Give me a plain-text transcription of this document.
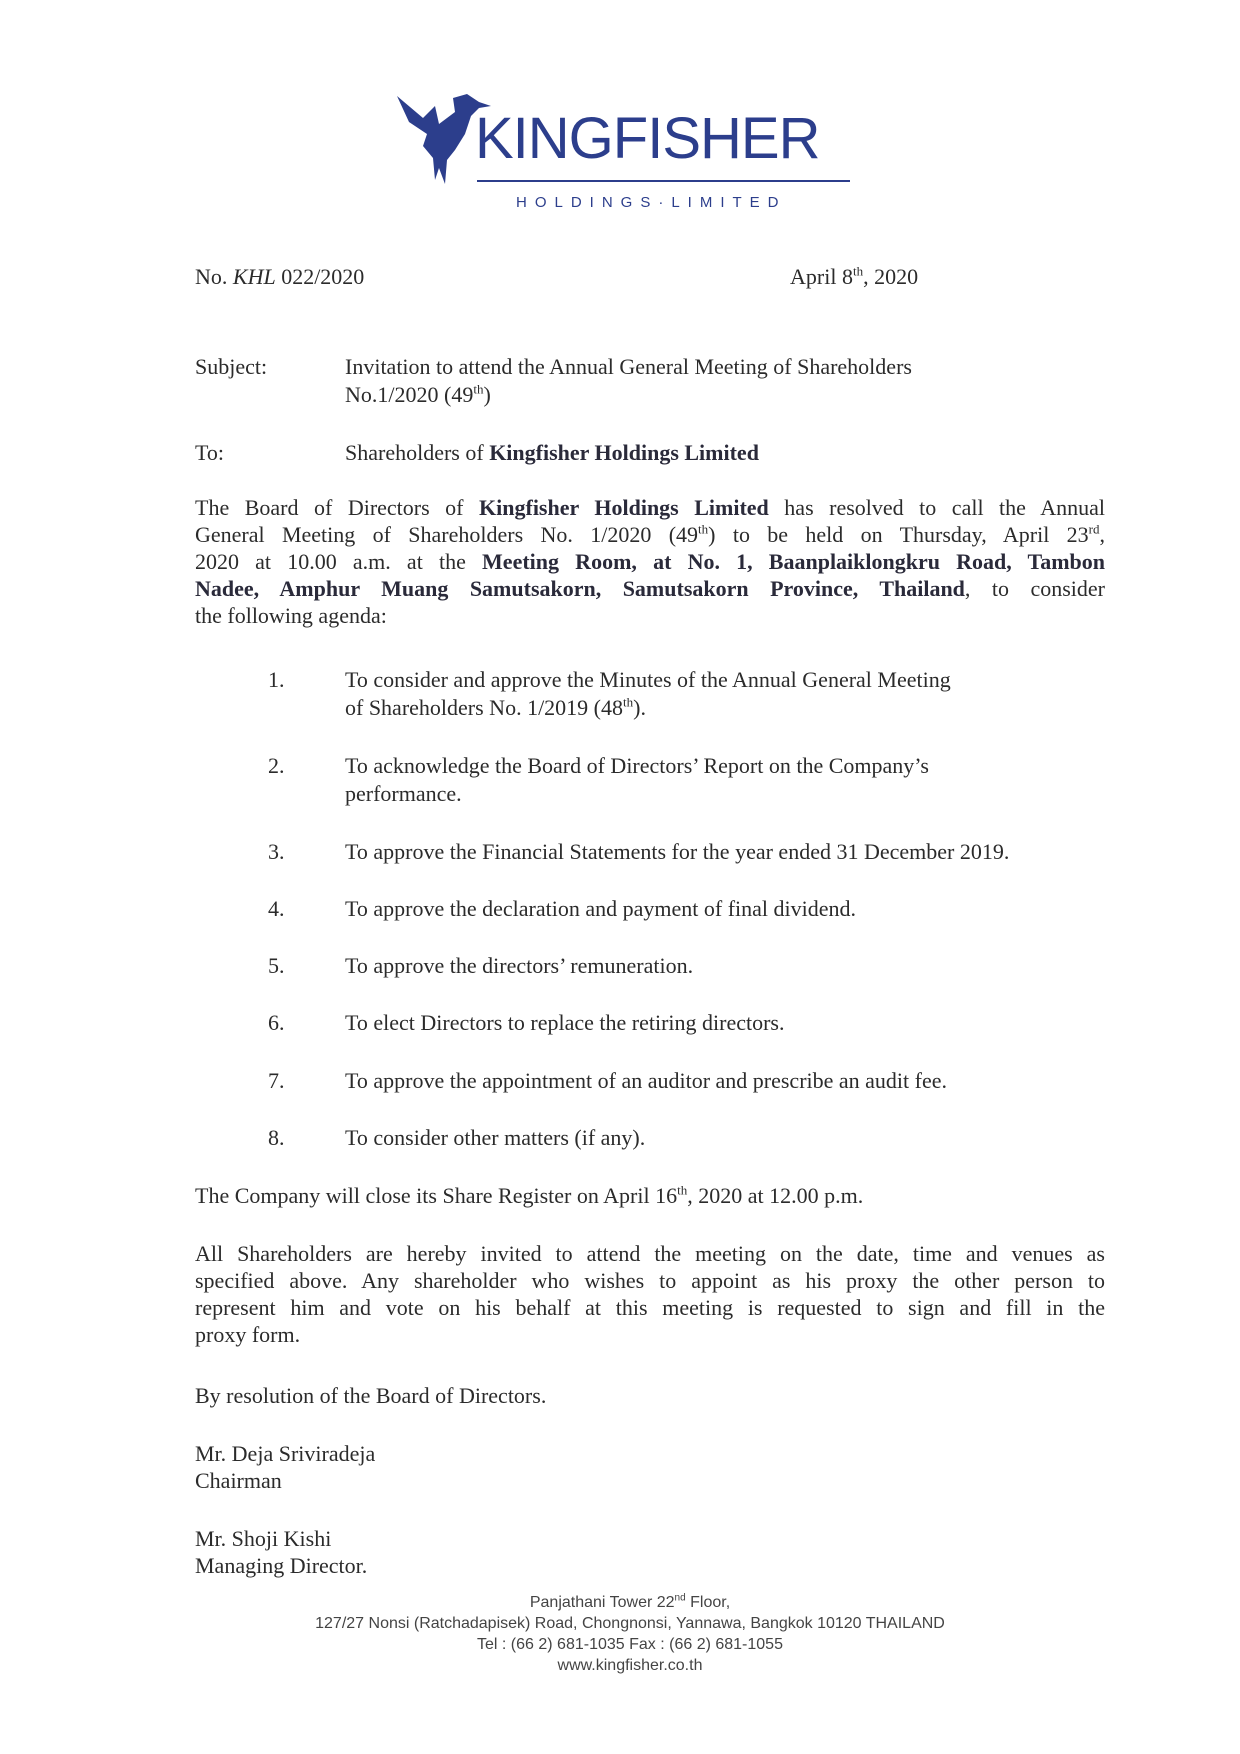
KINGFISHER
HOLDINGS·LIMITED
No. KHL 022/2020	April 8th, 2020
Subject:	Invitation to attend the Annual General Meeting of Shareholders
No.1/2020 (49th)
To:	Shareholders of Kingfisher Holdings Limited
The Board of Directors of Kingfisher Holdings Limited has resolved to call the Annual
General Meeting of Shareholders No. 1/2020 (49th) to be held on Thursday, April 23rd,
2020 at 10.00 a.m. at the Meeting Room, at No. 1, Baanplaiklongkru Road, Tambon
Nadee, Amphur Muang Samutsakorn, Samutsakorn Province, Thailand, to consider
the following agenda:
1.	To consider and approve the Minutes of the Annual General Meeting
of Shareholders No. 1/2019 (48th).
2.	To acknowledge the Board of Directors’ Report on the Company’s
performance.
3.	To approve the Financial Statements for the year ended 31 December 2019.
4.	To approve the declaration and payment of final dividend.
5.	To approve the directors’ remuneration.
6.	To elect Directors to replace the retiring directors.
7.	To approve the appointment of an auditor and prescribe an audit fee.
8.	To consider other matters (if any).
The Company will close its Share Register on April 16th, 2020 at 12.00 p.m.
All Shareholders are hereby invited to attend the meeting on the date, time and venues as
specified above. Any shareholder who wishes to appoint as his proxy the other person to
represent him and vote on his behalf at this meeting is requested to sign and fill in the
proxy form.
By resolution of the Board of Directors.
Mr. Deja Sriviradeja
Chairman
Mr. Shoji Kishi
Managing Director.
Panjathani Tower 22nd Floor,
127/27 Nonsi (Ratchadapisek) Road, Chongnonsi, Yannawa, Bangkok 10120 THAILAND
Tel : (66 2) 681-1035 Fax : (66 2) 681-1055
www.kingfisher.co.th
